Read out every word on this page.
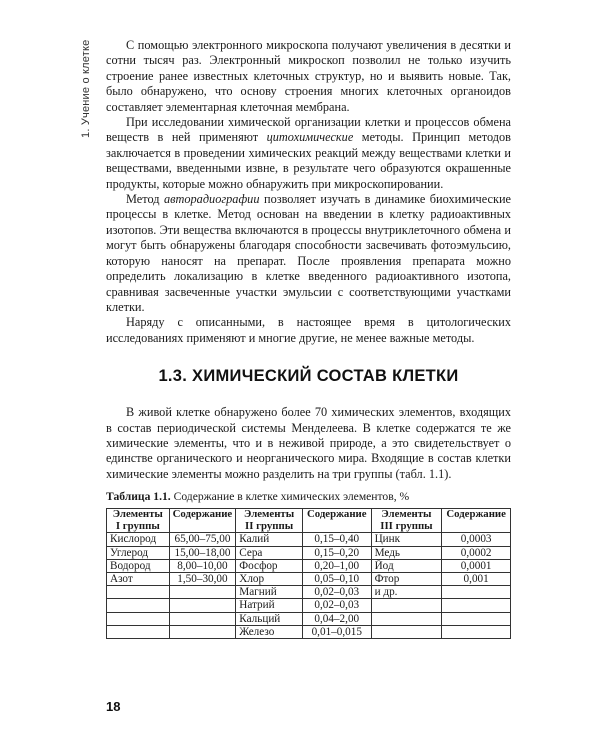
1. Учение о клетке	С помощью электронного микроскопа получают увеличения в десятки и сотни тысяч раз. Электронный микроскоп позволил не только изучить строение ранее известных клеточных структур, но и выявить новые. Так, было обнаружено, что основу строения многих клеточных органоидов составляет элементарная клеточная мембрана.

При исследовании химической организации клетки и процессов обмена веществ в ней применяют цитохимические методы. Принцип методов заключается в проведении химических реакций между веществами клетки и веществами, введенными извне, в результате чего образуются окрашенные продукты, которые можно обнаружить при микроскопировании.

Метод авторадиографии позволяет изучать в динамике биохимические процессы в клетке. Метод основан на введении в клетку радиоактивных изотопов. Эти вещества включаются в процессы внутриклеточного обмена и могут быть обнаружены благодаря способности засвечивать фотоэмульсию, которую наносят на препарат. После проявления препарата можно определить локализацию в клетке введенного радиоактивного изотопа, сравнивая засвеченные участки эмульсии с соответствующими участками клетки.

Наряду с описанными, в настоящее время в цитологических исследованиях применяют и многие другие, не менее важные методы.

1.3. ХИМИЧЕСКИЙ СОСТАВ КЛЕТКИ

В живой клетке обнаружено более 70 химических элементов, входящих в состав периодической системы Менделеева. В клетке содержатся те же химические элементы, что и в неживой природе, а это свидетельствует о единстве органического и неорганического мира. Входящие в состав клетки химические элементы можно разделить на три группы (табл. 1.1).

Таблица 1.1. Содержание в клетке химических элементов, %
Элементы I группы	Содержание	Элементы II группы	Содержание	Элементы III группы	Содержание
Кислород	65,00–75,00	Калий	0,15–0,40	Цинк	0,0003
Углерод	15,00–18,00	Сера	0,15–0,20	Медь	0,0002
Водород	8,00–10,00	Фосфор	0,20–1,00	Йод	0,0001
Азот	1,50–30,00	Хлор	0,05–0,10	Фтор	0,001
		Магний	0,02–0,03	и др.	
		Натрий	0,02–0,03		
		Кальций	0,04–2,00		
		Железо	0,01–0,015		
18
